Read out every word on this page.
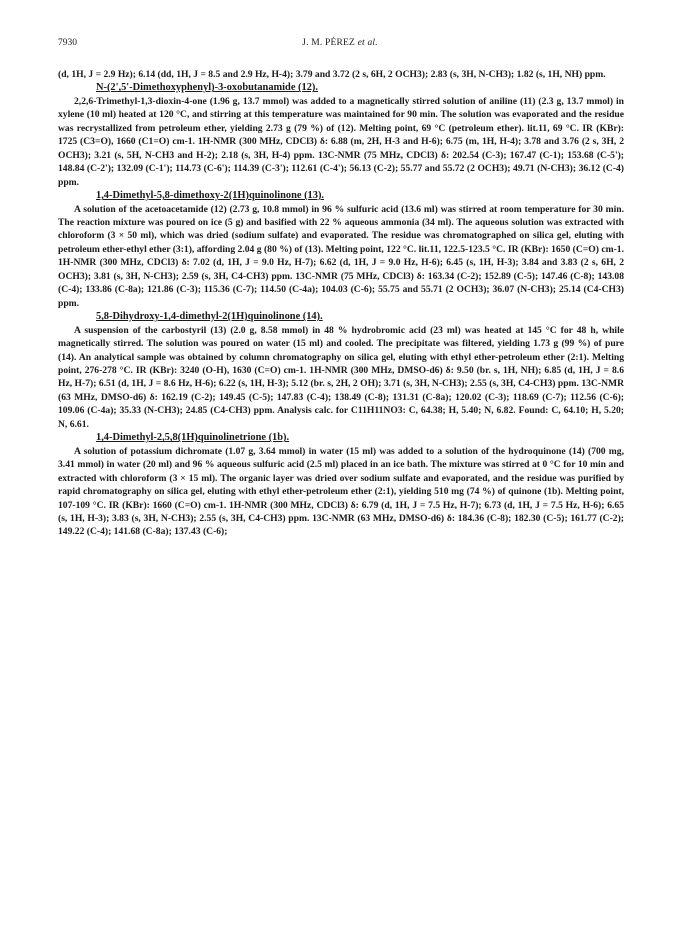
7930	J. M. PÉREZ et al.

(d, 1H, J = 2.9 Hz); 6.14 (dd, 1H, J = 8.5 and 2.9 Hz, H-4); 3.79 and 3.72 (2 s, 6H, 2 OCH3); 2.83 (s, 3H, N-CH3); 1.82 (s, 1H, NH) ppm.

N-(2',5'-Dimethoxyphenyl)-3-oxobutanamide (12).

2,2,6-Trimethyl-1,3-dioxin-4-one (1.96 g, 13.7 mmol) was added to a magnetically stirred solution of aniline (11) (2.3 g, 13.7 mmol) in xylene (10 ml) heated at 120 °C, and stirring at this temperature was maintained for 90 min. The solution was evaporated and the residue was recrystallized from petroleum ether, yielding 2.73 g (79 %) of (12). Melting point, 69 °C (petroleum ether). lit.11, 69 °C. IR (KBr): 1725 (C3=O), 1660 (C1=O) cm-1. 1H-NMR (300 MHz, CDCl3) δ: 6.88 (m, 2H, H-3 and H-6); 6.75 (m, 1H, H-4); 3.78 and 3.76 (2 s, 3H, 2 OCH3); 3.21 (s, 5H, N-CH3 and H-2); 2.18 (s, 3H, H-4) ppm. 13C-NMR (75 MHz, CDCl3) δ: 202.54 (C-3); 167.47 (C-1); 153.68 (C-5'); 148.84 (C-2'); 132.09 (C-1'); 114.73 (C-6'); 114.39 (C-3'); 112.61 (C-4'); 56.13 (C-2); 55.77 and 55.72 (2 OCH3); 49.71 (N-CH3); 36.12 (C-4) ppm.

1,4-Dimethyl-5,8-dimethoxy-2(1H)quinolinone (13).

A solution of the acetoacetamide (12) (2.73 g, 10.8 mmol) in 96 % sulfuric acid (13.6 ml) was stirred at room temperature for 30 min. The reaction mixture was poured on ice (5 g) and basified with 22 % aqueous ammonia (34 ml). The aqueous solution was extracted with chloroform (3 × 50 ml), which was dried (sodium sulfate) and evaporated. The residue was chromatographed on silica gel, eluting with petroleum ether-ethyl ether (3:1), affording 2.04 g (80 %) of (13). Melting point, 122 °C. lit.11, 122.5-123.5 °C. IR (KBr): 1650 (C=O) cm-1. 1H-NMR (300 MHz, CDCl3) δ: 7.02 (d, 1H, J = 9.0 Hz, H-7); 6.62 (d, 1H, J = 9.0 Hz, H-6); 6.45 (s, 1H, H-3); 3.84 and 3.83 (2 s, 6H, 2 OCH3); 3.81 (s, 3H, N-CH3); 2.59 (s, 3H, C4-CH3) ppm. 13C-NMR (75 MHz, CDCl3) δ: 163.34 (C-2); 152.89 (C-5); 147.46 (C-8); 143.08 (C-4); 133.86 (C-8a); 121.86 (C-3); 115.36 (C-7); 114.50 (C-4a); 104.03 (C-6); 55.75 and 55.71 (2 OCH3); 36.07 (N-CH3); 25.14 (C4-CH3) ppm.

5,8-Dihydroxy-1,4-dimethyl-2(1H)quinolinone (14).

A suspension of the carbostyril (13) (2.0 g, 8.58 mmol) in 48 % hydrobromic acid (23 ml) was heated at 145 °C for 48 h, while magnetically stirred. The solution was poured on water (15 ml) and cooled. The precipitate was filtered, yielding 1.73 g (99 %) of pure (14). An analytical sample was obtained by column chromatography on silica gel, eluting with ethyl ether-petroleum ether (2:1). Melting point, 276-278 °C. IR (KBr): 3240 (O-H), 1630 (C=O) cm-1. 1H-NMR (300 MHz, DMSO-d6) δ: 9.50 (br. s, 1H, NH); 6.85 (d, 1H, J = 8.6 Hz, H-7); 6.51 (d, 1H, J = 8.6 Hz, H-6); 6.22 (s, 1H, H-3); 5.12 (br. s, 2H, 2 OH); 3.71 (s, 3H, N-CH3); 2.55 (s, 3H, C4-CH3) ppm. 13C-NMR (63 MHz, DMSO-d6) δ: 162.19 (C-2); 149.45 (C-5); 147.83 (C-4); 138.49 (C-8); 131.31 (C-8a); 120.02 (C-3); 118.69 (C-7); 112.56 (C-6); 109.06 (C-4a); 35.33 (N-CH3); 24.85 (C4-CH3) ppm. Analysis calc. for C11H11NO3: C, 64.38; H, 5.40; N, 6.82. Found: C, 64.10; H, 5.20; N, 6.61.

1,4-Dimethyl-2,5,8(1H)quinolinetrione (1b).

A solution of potassium dichromate (1.07 g, 3.64 mmol) in water (15 ml) was added to a solution of the hydroquinone (14) (700 mg, 3.41 mmol) in water (20 ml) and 96 % aqueous sulfuric acid (2.5 ml) placed in an ice bath. The mixture was stirred at 0 °C for 10 min and extracted with chloroform (3 × 15 ml). The organic layer was dried over sodium sulfate and evaporated, and the residue was purified by rapid chromatography on silica gel, eluting with ethyl ether-petroleum ether (2:1), yielding 510 mg (74 %) of quinone (1b). Melting point, 107-109 °C. IR (KBr): 1660 (C=O) cm-1. 1H-NMR (300 MHz, CDCl3) δ: 6.79 (d, 1H, J = 7.5 Hz, H-7); 6.73 (d, 1H, J = 7.5 Hz, H-6); 6.65 (s, 1H, H-3); 3.83 (s, 3H, N-CH3); 2.55 (s, 3H, C4-CH3) ppm. 13C-NMR (63 MHz, DMSO-d6) δ: 184.36 (C-8); 182.30 (C-5); 161.77 (C-2); 149.22 (C-4); 141.68 (C-8a); 137.43 (C-6);
